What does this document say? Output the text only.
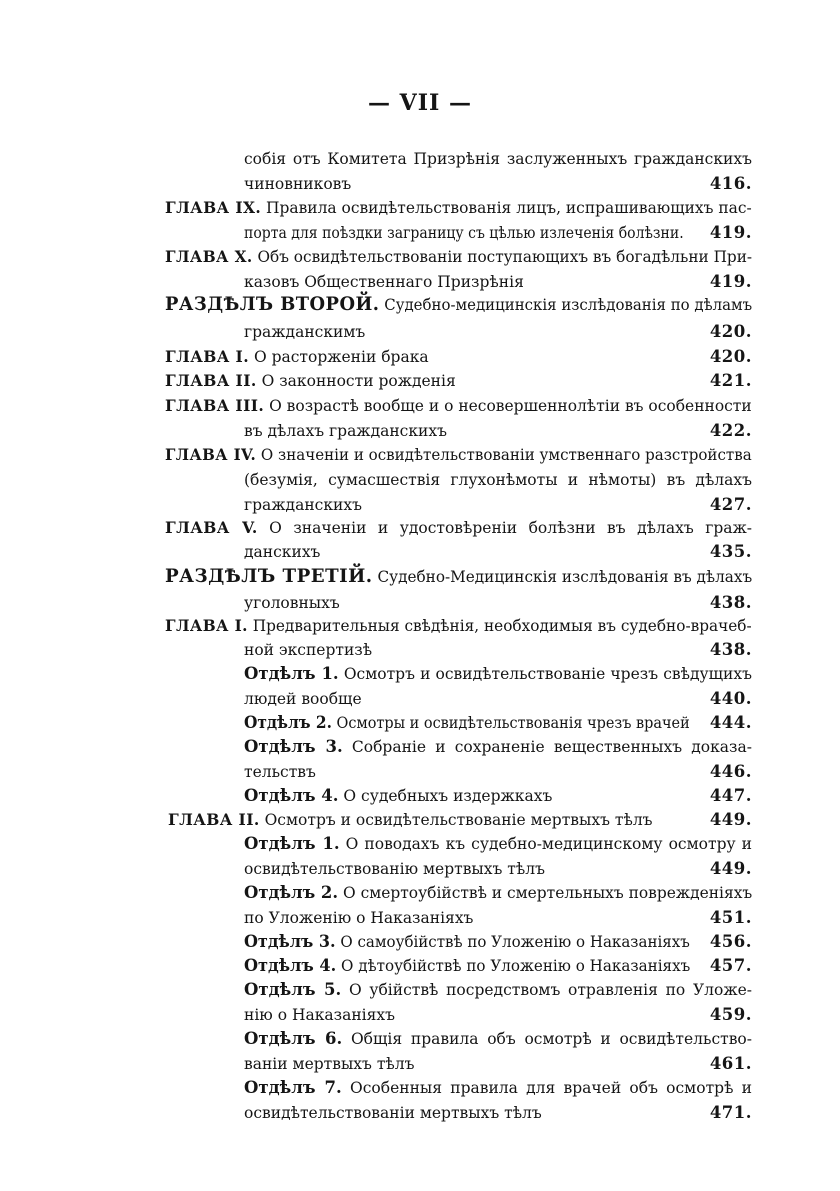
— VII —
собія отъ Комитета Призрѣнія заслуженныхъ гражданскихъ
чиновниковъ	416.
ГЛАВА IX. Правила освидѣтельствованія лицъ, испрашивающихъ пас-
порта для поѣздки заграницу съ цѣлью излеченія болѣзни. 419.
ГЛАВА X. Объ освидѣтельствованіи поступающихъ въ богадѣльни При-
казовъ Общественнаго Призрѣнія	419.
РАЗДѢЛЪ ВТОРОЙ. Судебно-медицинскія изслѣдованія по дѣламъ
гражданскимъ	420.
ГЛАВА I. О расторженіи брака	420.
ГЛАВА II. О законности рожденія	421.
ГЛАВА III. О возрастѣ вообще и о несовершеннолѣтіи въ особенности
въ дѣлахъ гражданскихъ	422.
ГЛАВА IV. О значеніи и освидѣтельствованіи умственнаго разстройства
(безумія, сумасшествія глухонѣмоты и нѣмоты) въ дѣлахъ
гражданскихъ	427.
ГЛАВА V. О значеніи и удостовѣреніи болѣзни въ дѣлахъ граж-
данскихъ	435.
РАЗДѢЛЪ ТРЕТІЙ. Судебно-Медицинскія изслѣдованія въ дѣлахъ
уголовныхъ	438.
ГЛАВА I. Предварительныя свѣдѣнія, необходимыя въ судебно-врачеб-
ной экспертизѣ	438.
Отдѣлъ 1. Осмотръ и освидѣтельствованіе чрезъ свѣдущихъ
людей вообще	440.
Отдѣлъ 2. Осмотры и освидѣтельствованія чрезъ врачей 444.
Отдѣлъ 3. Собраніе и сохраненіе вещественныхъ доказа-
тельствъ	446.
Отдѣлъ 4. О судебныхъ издержкахъ	447.
ГЛАВА II. Осмотръ и освидѣтельствованіе мертвыхъ тѣлъ	449.
Отдѣлъ 1. О поводахъ къ судебно-медицинскому осмотру и
освидѣтельствованію мертвыхъ тѣлъ	449.
Отдѣлъ 2. О смертоубійствѣ и смертельныхъ поврежденіяхъ
по Уложенію о Наказаніяхъ	451.
Отдѣлъ 3. О самоубійствѣ по Уложенію о Наказаніяхъ 456.
Отдѣлъ 4. О дѣтоубійствѣ по Уложенію о Наказаніяхъ 457.
Отдѣлъ 5. О убійствѣ посредствомъ отравленія по Уложе-
нію о Наказаніяхъ	459.
Отдѣлъ 6. Общія правила объ осмотрѣ и освидѣтельство-
ваніи мертвыхъ тѣлъ	461.
Отдѣлъ 7. Особенныя правила для врачей объ осмотрѣ и
освидѣтельствованіи мертвыхъ тѣлъ	471.
